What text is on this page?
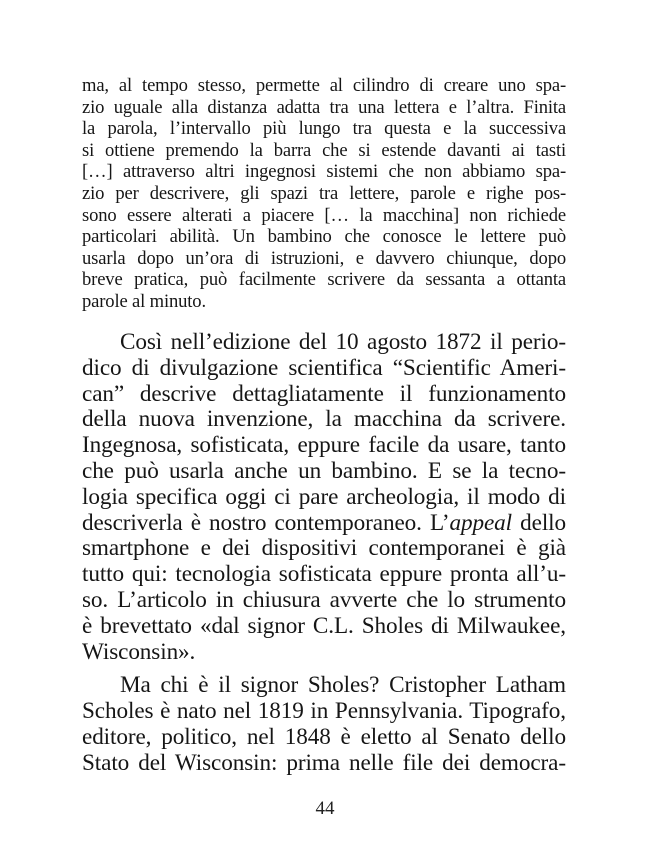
ma, al tempo stesso, permette al cilindro di creare uno spa-
zio uguale alla distanza adatta tra una lettera e l’altra. Finita
la parola, l’intervallo più lungo tra questa e la successiva
si ottiene premendo la barra che si estende davanti ai tasti
[…] attraverso altri ingegnosi sistemi che non abbiamo spa-
zio per descrivere, gli spazi tra lettere, parole e righe pos-
sono essere alterati a piacere [… la macchina] non richiede
particolari abilità. Un bambino che conosce le lettere può
usarla dopo un’ora di istruzioni, e davvero chiunque, dopo
breve pratica, può facilmente scrivere da sessanta a ottanta
parole al minuto.
Così nell’edizione del 10 agosto 1872 il perio-
dico di divulgazione scientifica “Scientific Ameri-
can” descrive dettagliatamente il funzionamento
della nuova invenzione, la macchina da scrivere.
Ingegnosa, sofisticata, eppure facile da usare, tanto
che può usarla anche un bambino. E se la tecno-
logia specifica oggi ci pare archeologia, il modo di
descriverla è nostro contemporaneo. L’appeal dello
smartphone e dei dispositivi contemporanei è già
tutto qui: tecnologia sofisticata eppure pronta all’u-
so. L’articolo in chiusura avverte che lo strumento
è brevettato «dal signor C.L. Sholes di Milwaukee,
Wisconsin».
Ma chi è il signor Sholes? Cristopher Latham
Scholes è nato nel 1819 in Pennsylvania. Tipografo,
editore, politico, nel 1848 è eletto al Senato dello
Stato del Wisconsin: prima nelle file dei democra-
44
